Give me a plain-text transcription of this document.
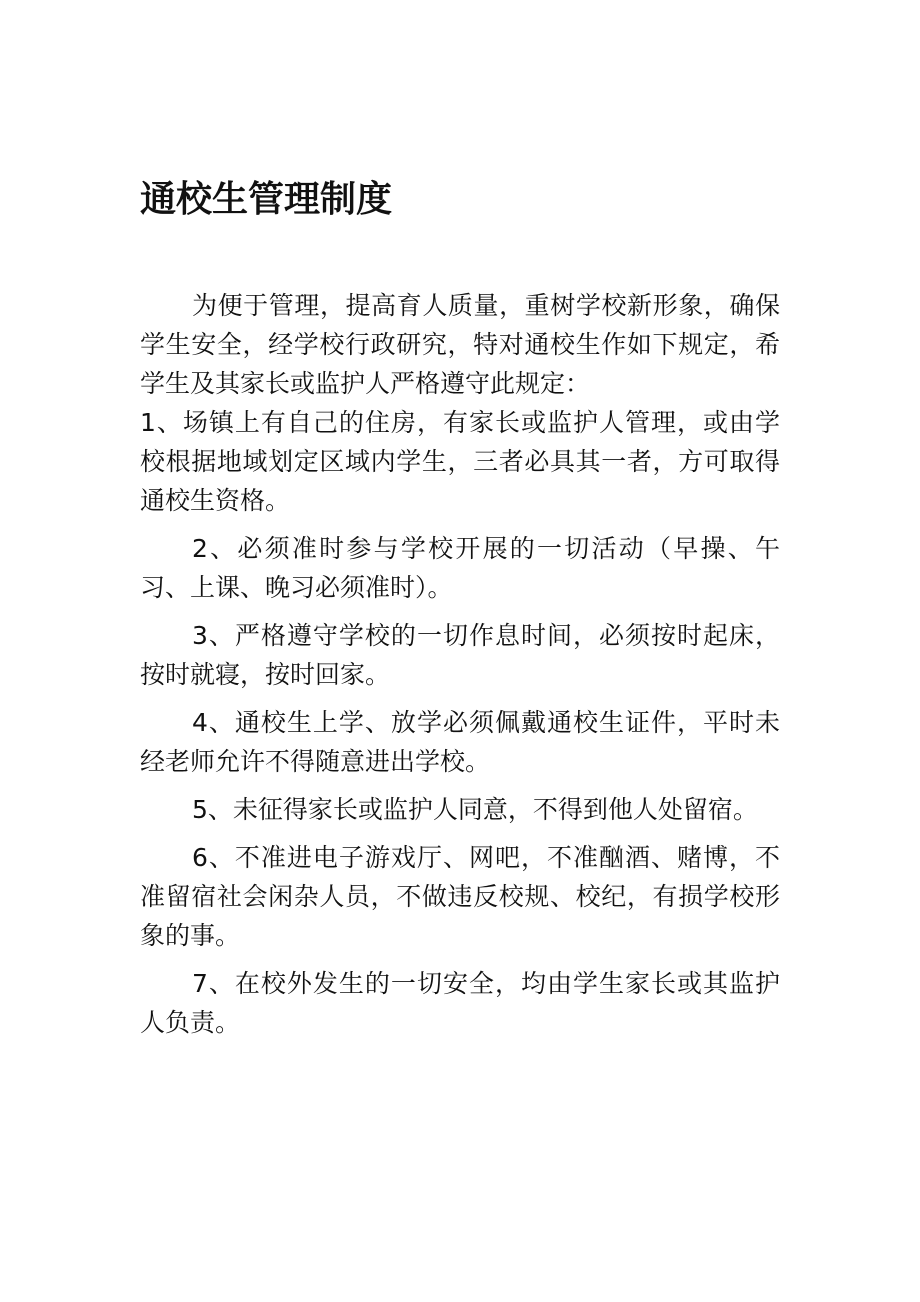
通校生管理制度

为便于管理，提高育人质量，重树学校新形象，确保学生安全，经学校行政研究，特对通校生作如下规定，希学生及其家长或监护人严格遵守此规定：

1、场镇上有自己的住房，有家长或监护人管理，或由学校根据地域划定区域内学生，三者必具其一者，方可取得通校生资格。

2、必须准时参与学校开展的一切活动（早操、午习、上课、晚习必须准时）。

3、严格遵守学校的一切作息时间，必须按时起床，按时就寝，按时回家。

4、通校生上学、放学必须佩戴通校生证件，平时未经老师允许不得随意进出学校。

5、未征得家长或监护人同意，不得到他人处留宿。

6、不准进电子游戏厅、网吧，不准酗酒、赌博，不准留宿社会闲杂人员，不做违反校规、校纪，有损学校形象的事。

7、在校外发生的一切安全，均由学生家长或其监护人负责。
